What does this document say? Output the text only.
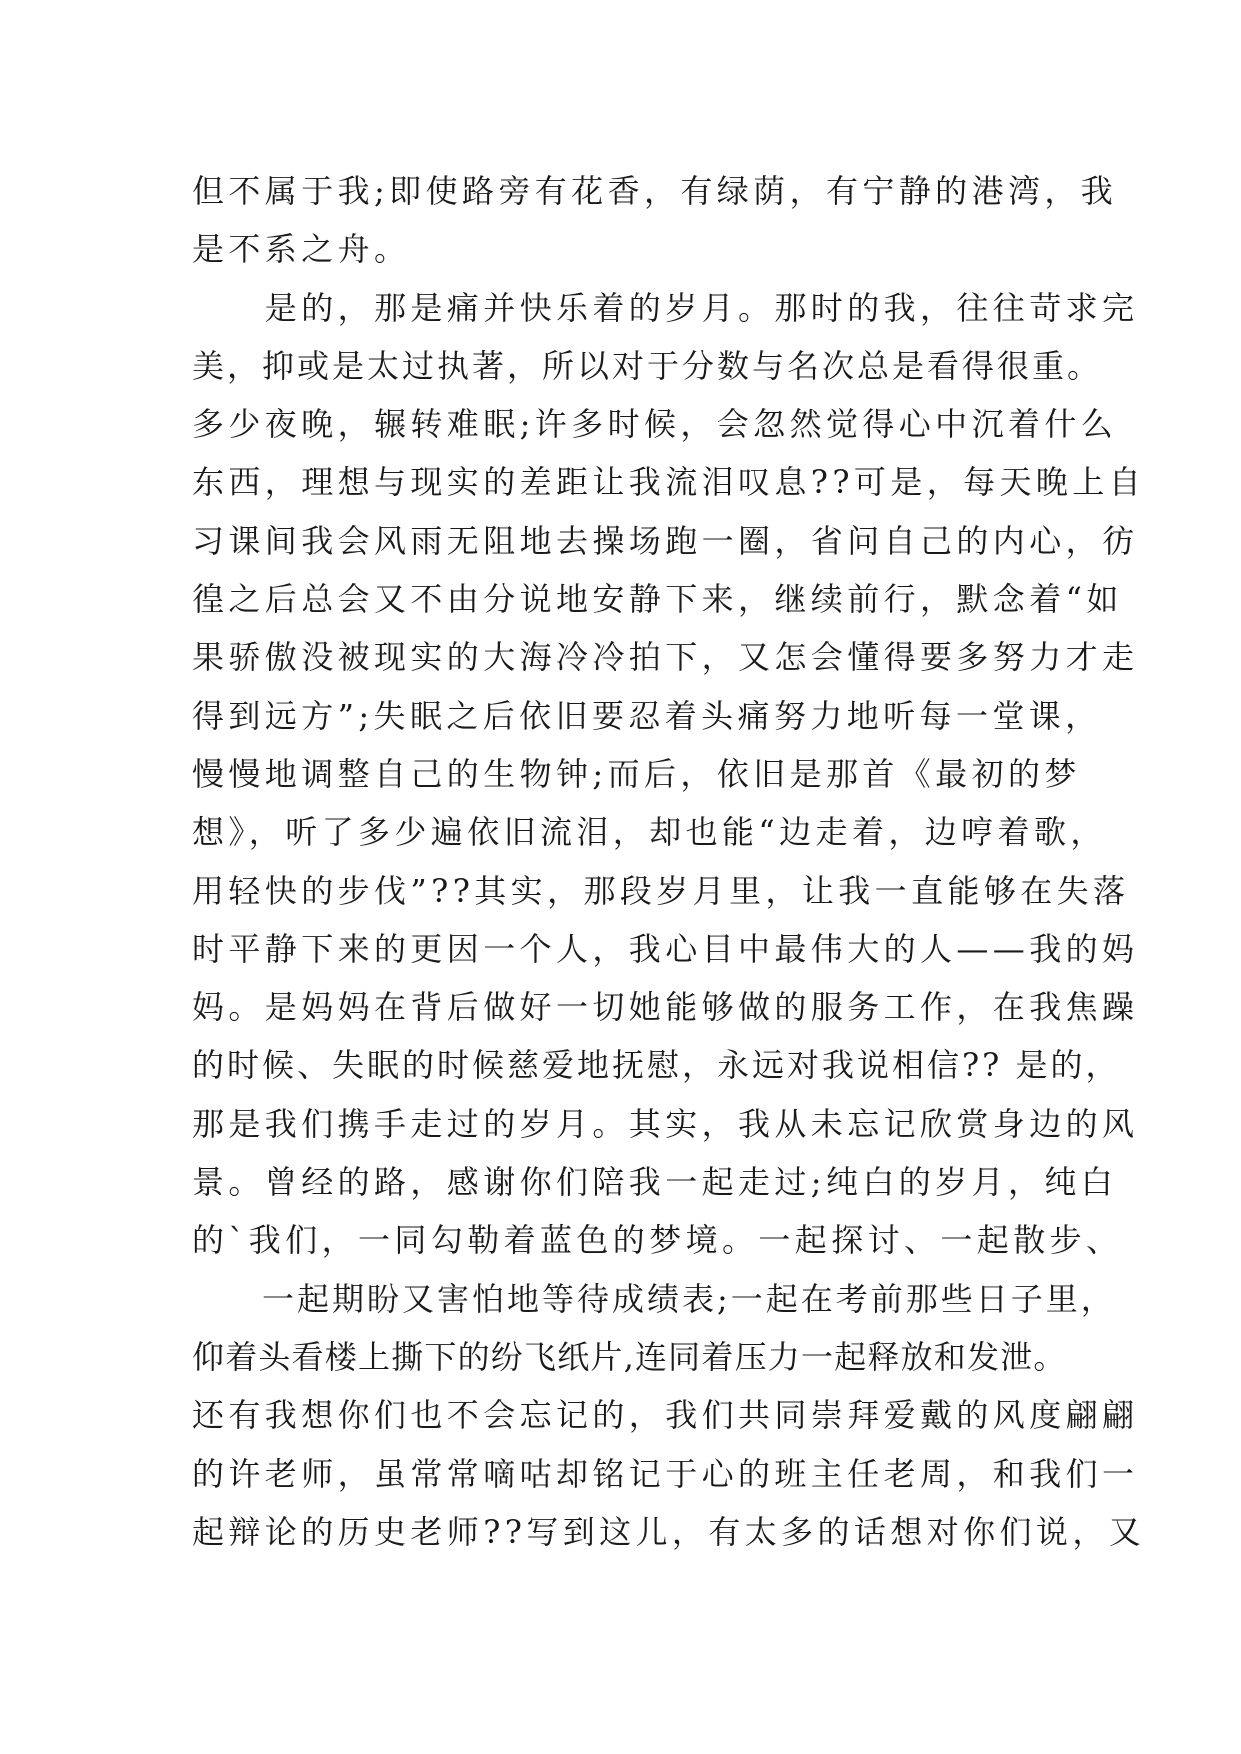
但不属于我;即使路旁有花香，有绿荫，有宁静的港湾，我
是不系之舟。
　　是的，那是痛并快乐着的岁月。那时的我，往往苛求完
美，抑或是太过执著，所以对于分数与名次总是看得很重。
多少夜晚，辗转难眠;许多时候，会忽然觉得心中沉着什么
东西，理想与现实的差距让我流泪叹息??可是，每天晚上自
习课间我会风雨无阻地去操场跑一圈，省问自己的内心，彷
徨之后总会又不由分说地安静下来，继续前行，默念着“如
果骄傲没被现实的大海冷冷拍下，又怎会懂得要多努力才走
得到远方”;失眠之后依旧要忍着头痛努力地听每一堂课，
慢慢地调整自己的生物钟;而后，依旧是那首《最初的梦
想》，听了多少遍依旧流泪，却也能“边走着，边哼着歌，
用轻快的步伐”??其实，那段岁月里，让我一直能够在失落
时平静下来的更因一个人，我心目中最伟大的人——我的妈
妈。是妈妈在背后做好一切她能够做的服务工作，在我焦躁
的时候、失眠的时候慈爱地抚慰，永远对我说相信?? 是的，
那是我们携手走过的岁月。其实，我从未忘记欣赏身边的风
景。曾经的路，感谢你们陪我一起走过;纯白的岁月，纯白
的`我们，一同勾勒着蓝色的梦境。一起探讨、一起散步、
　　一起期盼又害怕地等待成绩表;一起在考前那些日子里，
仰着头看楼上撕下的纷飞纸片,连同着压力一起释放和发泄。
还有我想你们也不会忘记的，我们共同崇拜爱戴的风度翩翩
的许老师，虽常常嘀咕却铭记于心的班主任老周，和我们一
起辩论的历史老师??写到这儿，有太多的话想对你们说，又
